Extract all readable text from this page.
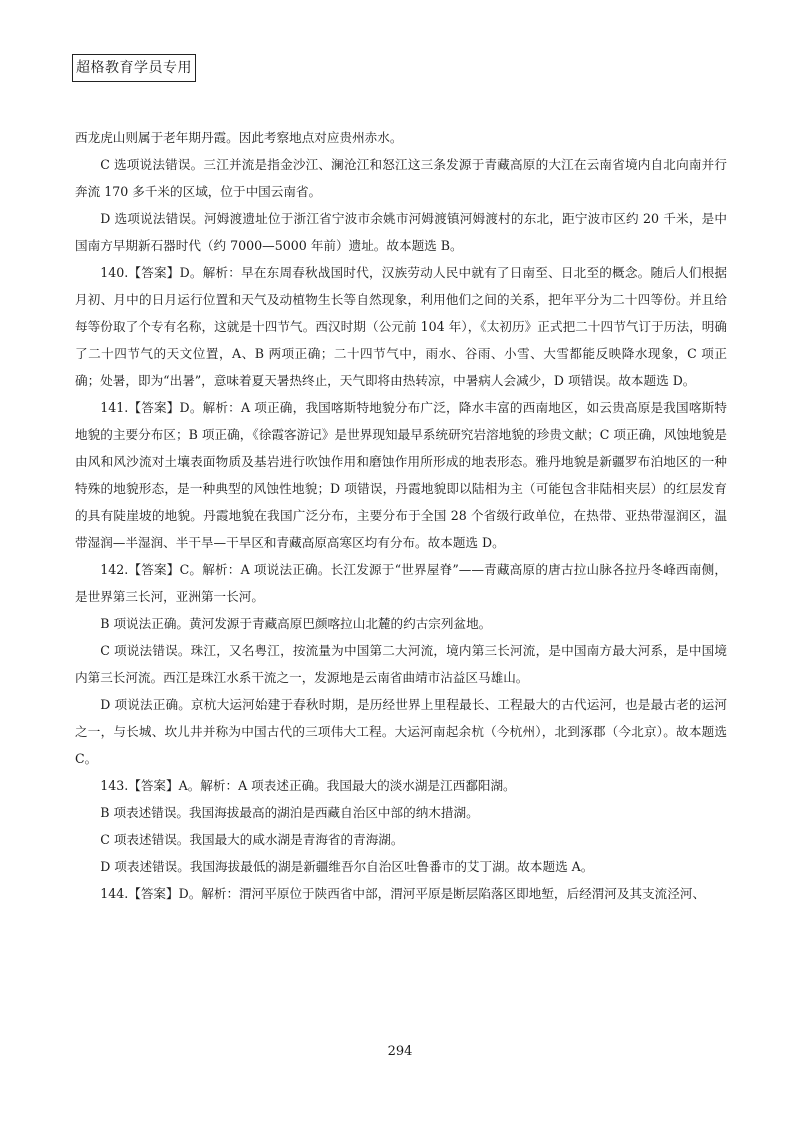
超格教育学员专用

西龙虎山则属于老年期丹霞。因此考察地点对应贵州赤水。

C 选项说法错误。三江并流是指金沙江、澜沧江和怒江这三条发源于青藏高原的大江在云南省境内自北向南并行奔流 170 多千米的区域，位于中国云南省。

D 选项说法错误。河姆渡遗址位于浙江省宁波市余姚市河姆渡镇河姆渡村的东北，距宁波市区约 20 千米，是中国南方早期新石器时代（约 7000—5000 年前）遗址。故本题选 B。

140.【答案】D。解析：早在东周春秋战国时代，汉族劳动人民中就有了日南至、日北至的概念。随后人们根据月初、月中的日月运行位置和天气及动植物生长等自然现象，利用他们之间的关系，把年平分为二十四等份。并且给每等份取了个专有名称，这就是十四节气。西汉时期（公元前 104 年），《太初历》正式把二十四节气订于历法，明确了二十四节气的天文位置，A、B 两项正确；二十四节气中，雨水、谷雨、小雪、大雪都能反映降水现象，C 项正确；处暑，即为“出暑”，意味着夏天暑热终止，天气即将由热转凉，中暑病人会减少，D 项错误。故本题选 D。

141.【答案】D。解析：A 项正确，我国喀斯特地貌分布广泛，降水丰富的西南地区，如云贵高原是我国喀斯特地貌的主要分布区；B 项正确，《徐霞客游记》是世界现知最早系统研究岩溶地貌的珍贵文献；C 项正确，风蚀地貌是由风和风沙流对土壤表面物质及基岩进行吹蚀作用和磨蚀作用所形成的地表形态。雅丹地貌是新疆罗布泊地区的一种特殊的地貌形态，是一种典型的风蚀性地貌；D 项错误，丹霞地貌即以陆相为主（可能包含非陆相夹层）的红层发育的具有陡崖坡的地貌。丹霞地貌在我国广泛分布，主要分布于全国 28 个省级行政单位，在热带、亚热带湿润区，温带湿润—半湿润、半干旱—干旱区和青藏高原高寒区均有分布。故本题选 D。

142.【答案】C。解析：A 项说法正确。长江发源于“世界屋脊”——青藏高原的唐古拉山脉各拉丹冬峰西南侧，是世界第三长河，亚洲第一长河。

B 项说法正确。黄河发源于青藏高原巴颜喀拉山北麓的约古宗列盆地。

C 项说法错误。珠江，又名粤江，按流量为中国第二大河流，境内第三长河流，是中国南方最大河系，是中国境内第三长河流。西江是珠江水系干流之一，发源地是云南省曲靖市沾益区马雄山。

D 项说法正确。京杭大运河始建于春秋时期，是历经世界上里程最长、工程最大的古代运河，也是最古老的运河之一，与长城、坎儿井并称为中国古代的三项伟大工程。大运河南起余杭（今杭州），北到涿郡（今北京）。故本题选 C。

143.【答案】A。解析：A 项表述正确。我国最大的淡水湖是江西鄱阳湖。

B 项表述错误。我国海拔最高的湖泊是西藏自治区中部的纳木措湖。

C 项表述错误。我国最大的咸水湖是青海省的青海湖。

D 项表述错误。我国海拔最低的湖是新疆维吾尔自治区吐鲁番市的艾丁湖。故本题选 A。

144.【答案】D。解析：渭河平原位于陕西省中部，渭河平原是断层陷落区即地堑，后经渭河及其支流泾河、

294
